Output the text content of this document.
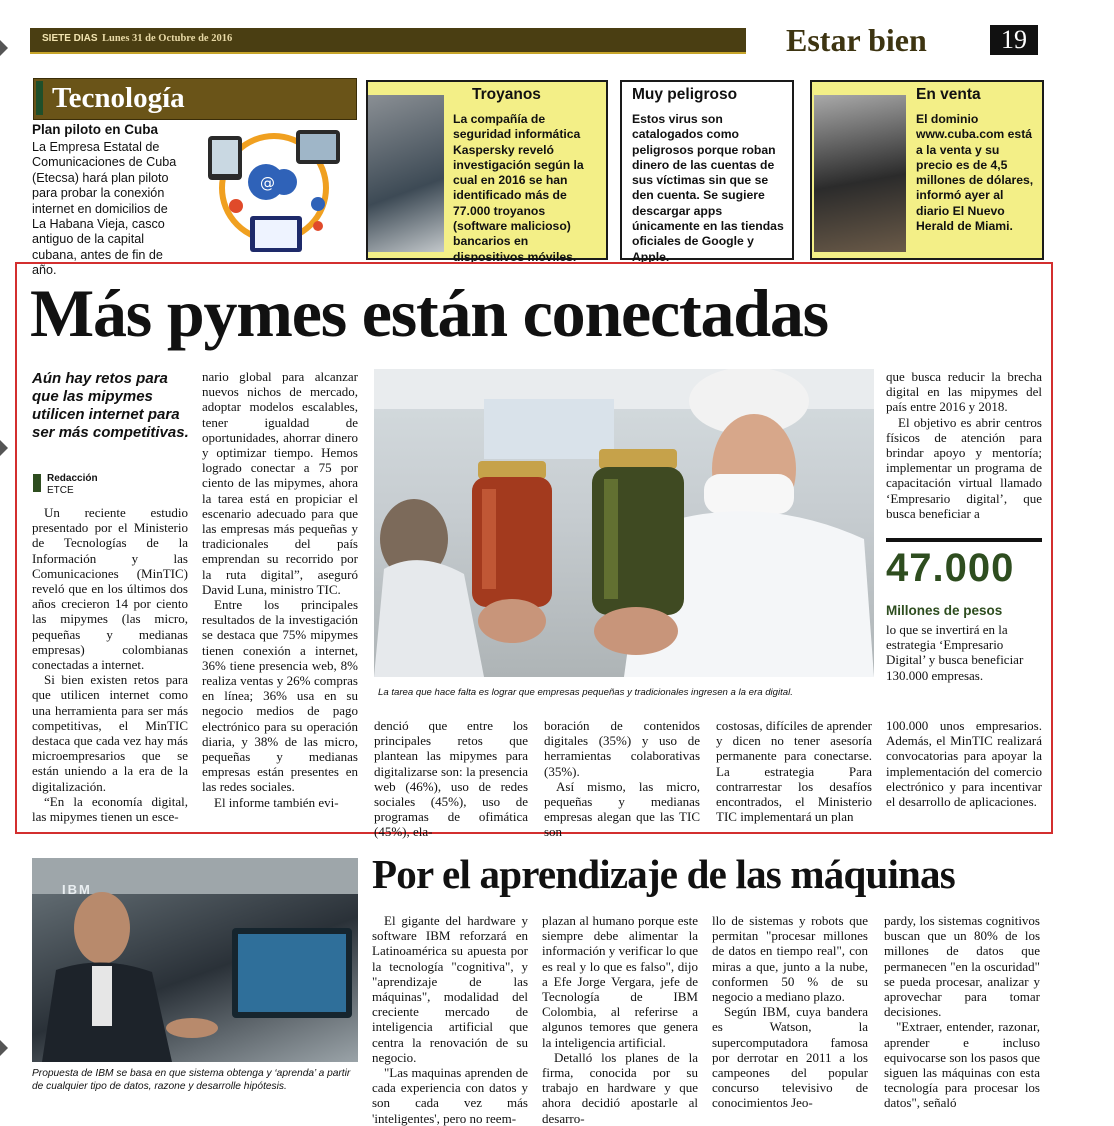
SIETE DIAS Lunes 31 de Octubre de 2016	Estar bien	19
Tecnología
Plan piloto en Cuba
La Empresa Estatal de Comunicaciones de Cuba (Etecsa) hará plan piloto para probar la conexión internet en domicilios de La Habana Vieja, casco antiguo de la capital cubana, antes de fin de año.
@
Troyanos
La compañía de seguridad informática Kaspersky reveló investigación según la cual en 2016 se han identificado más de 77.000 troyanos (software malicioso) bancarios en dispositivos móviles.
Muy peligroso
Estos virus son catalogados como peligrosos porque roban dinero de las cuentas de sus víctimas sin que se den cuenta. Se sugiere descargar apps únicamente en las tiendas oficiales de Google y Apple.
En venta
El dominio www.cuba.com está a la venta y su precio es de 4,5 millones de dólares, informó ayer al diario El Nuevo Herald de Miami.
Más pymes están conectadas
Aún hay retos para que las mipymes utilicen internet para ser más competitivas.
Redacción
ETCE

Un reciente estudio presentado por el Ministerio de Tecnologías de la Información y las Comunicaciones (MinTIC) reveló que en los últimos dos años crecieron 14 por ciento las mipymes (las micro, pequeñas y medianas empresas) colombianas conectadas a internet.

Si bien existen retos para que utilicen internet como una herramienta para ser más competitivas, el MinTIC destaca que cada vez hay más microempresarios que se están uniendo a la era de la digitalización.

“En la economía digital, las mipymes tienen un esce-

nario global para alcanzar nuevos nichos de mercado, adoptar modelos escalables, tener igualdad de oportunidades, ahorrar dinero y optimizar tiempo. Hemos logrado conectar a 75 por ciento de las mipymes, ahora la tarea está en propiciar el escenario adecuado para que las empresas más pequeñas y tradicionales del país emprendan su recorrido por la ruta digital”, aseguró David Luna, ministro TIC.

Entre los principales resultados de la investigación se destaca que 75% mipymes tienen conexión a internet, 36% tiene presencia web, 8% realiza ventas y 26% compras en línea; 36% usa en su negocio medios de pago electrónico para su operación diaria, y 38% de las micro, pequeñas y medianas empresas están presentes en las redes sociales.

El informe también evi-

La tarea que hace falta es lograr que empresas pequeñas y tradicionales ingresen a la era digital.

denció que entre los principales retos que plantean las mipymes para digitalizarse son: la presencia web (46%), uso de redes sociales (45%), uso de programas de ofimática (45%), ela-

boración de contenidos digitales (35%) y uso de herramientas colaborativas (35%).

Así mismo, las micro, pequeñas y medianas empresas alegan que las TIC son

costosas, difíciles de aprender y dicen no tener asesoría permanente para conectarse. La estrategia Para contrarrestar los desafíos encontrados, el Ministerio TIC implementará un plan

que busca reducir la brecha digital en las mipymes del país entre 2016 y 2018.

El objetivo es abrir centros físicos de atención para brindar apoyo y mentoría; implementar un programa de capacitación virtual llamado ‘Empresario digital’, que busca beneficiar a

47.000
Millones de pesos
lo que se invertirá en la estrategia ‘Empresario Digital’ y busca beneficiar 130.000 empresas.

100.000 unos empresarios. Además, el MinTIC realizará convocatorias para apoyar la implementación del comercio electrónico y para incentivar el desarrollo de aplicaciones.

IBM
Propuesta de IBM se basa en que sistema obtenga y ‘aprenda’ a partir de cualquier tipo de datos, razone y desarrolle hipótesis.
Por el aprendizaje de las máquinas

El gigante del hardware y software IBM reforzará en Latinoamérica su apuesta por la tecnología "cognitiva", y "aprendizaje de las máquinas", modalidad del creciente mercado de inteligencia artificial que centra la renovación de su negocio.

"Las maquinas aprenden de cada experiencia con datos y son cada vez más 'inteligentes', pero no reem-

plazan al humano porque este siempre debe alimentar la información y verificar lo que es real y lo que es falso", dijo a Efe Jorge Vergara, jefe de Tecnología de IBM Colombia, al referirse a algunos temores que genera la inteligencia artificial.

Detalló los planes de la firma, conocida por su trabajo en hardware y que ahora decidió apostarle al desarro-

llo de sistemas y robots que permitan "procesar millones de datos en tiempo real", con miras a que, junto a la nube, conformen 50 % de su negocio a mediano plazo.

Según IBM, cuya bandera es Watson, la supercomputadora famosa por derrotar en 2011 a los campeones del popular concurso televisivo de conocimientos Jeo-

pardy, los sistemas cognitivos buscan que un 80% de los millones de datos que permanecen "en la oscuridad" se pueda procesar, analizar y aprovechar para tomar decisiones.

"Extraer, entender, razonar, aprender e incluso equivocarse son los pasos que siguen las máquinas con esta tecnología para procesar los datos", señaló
